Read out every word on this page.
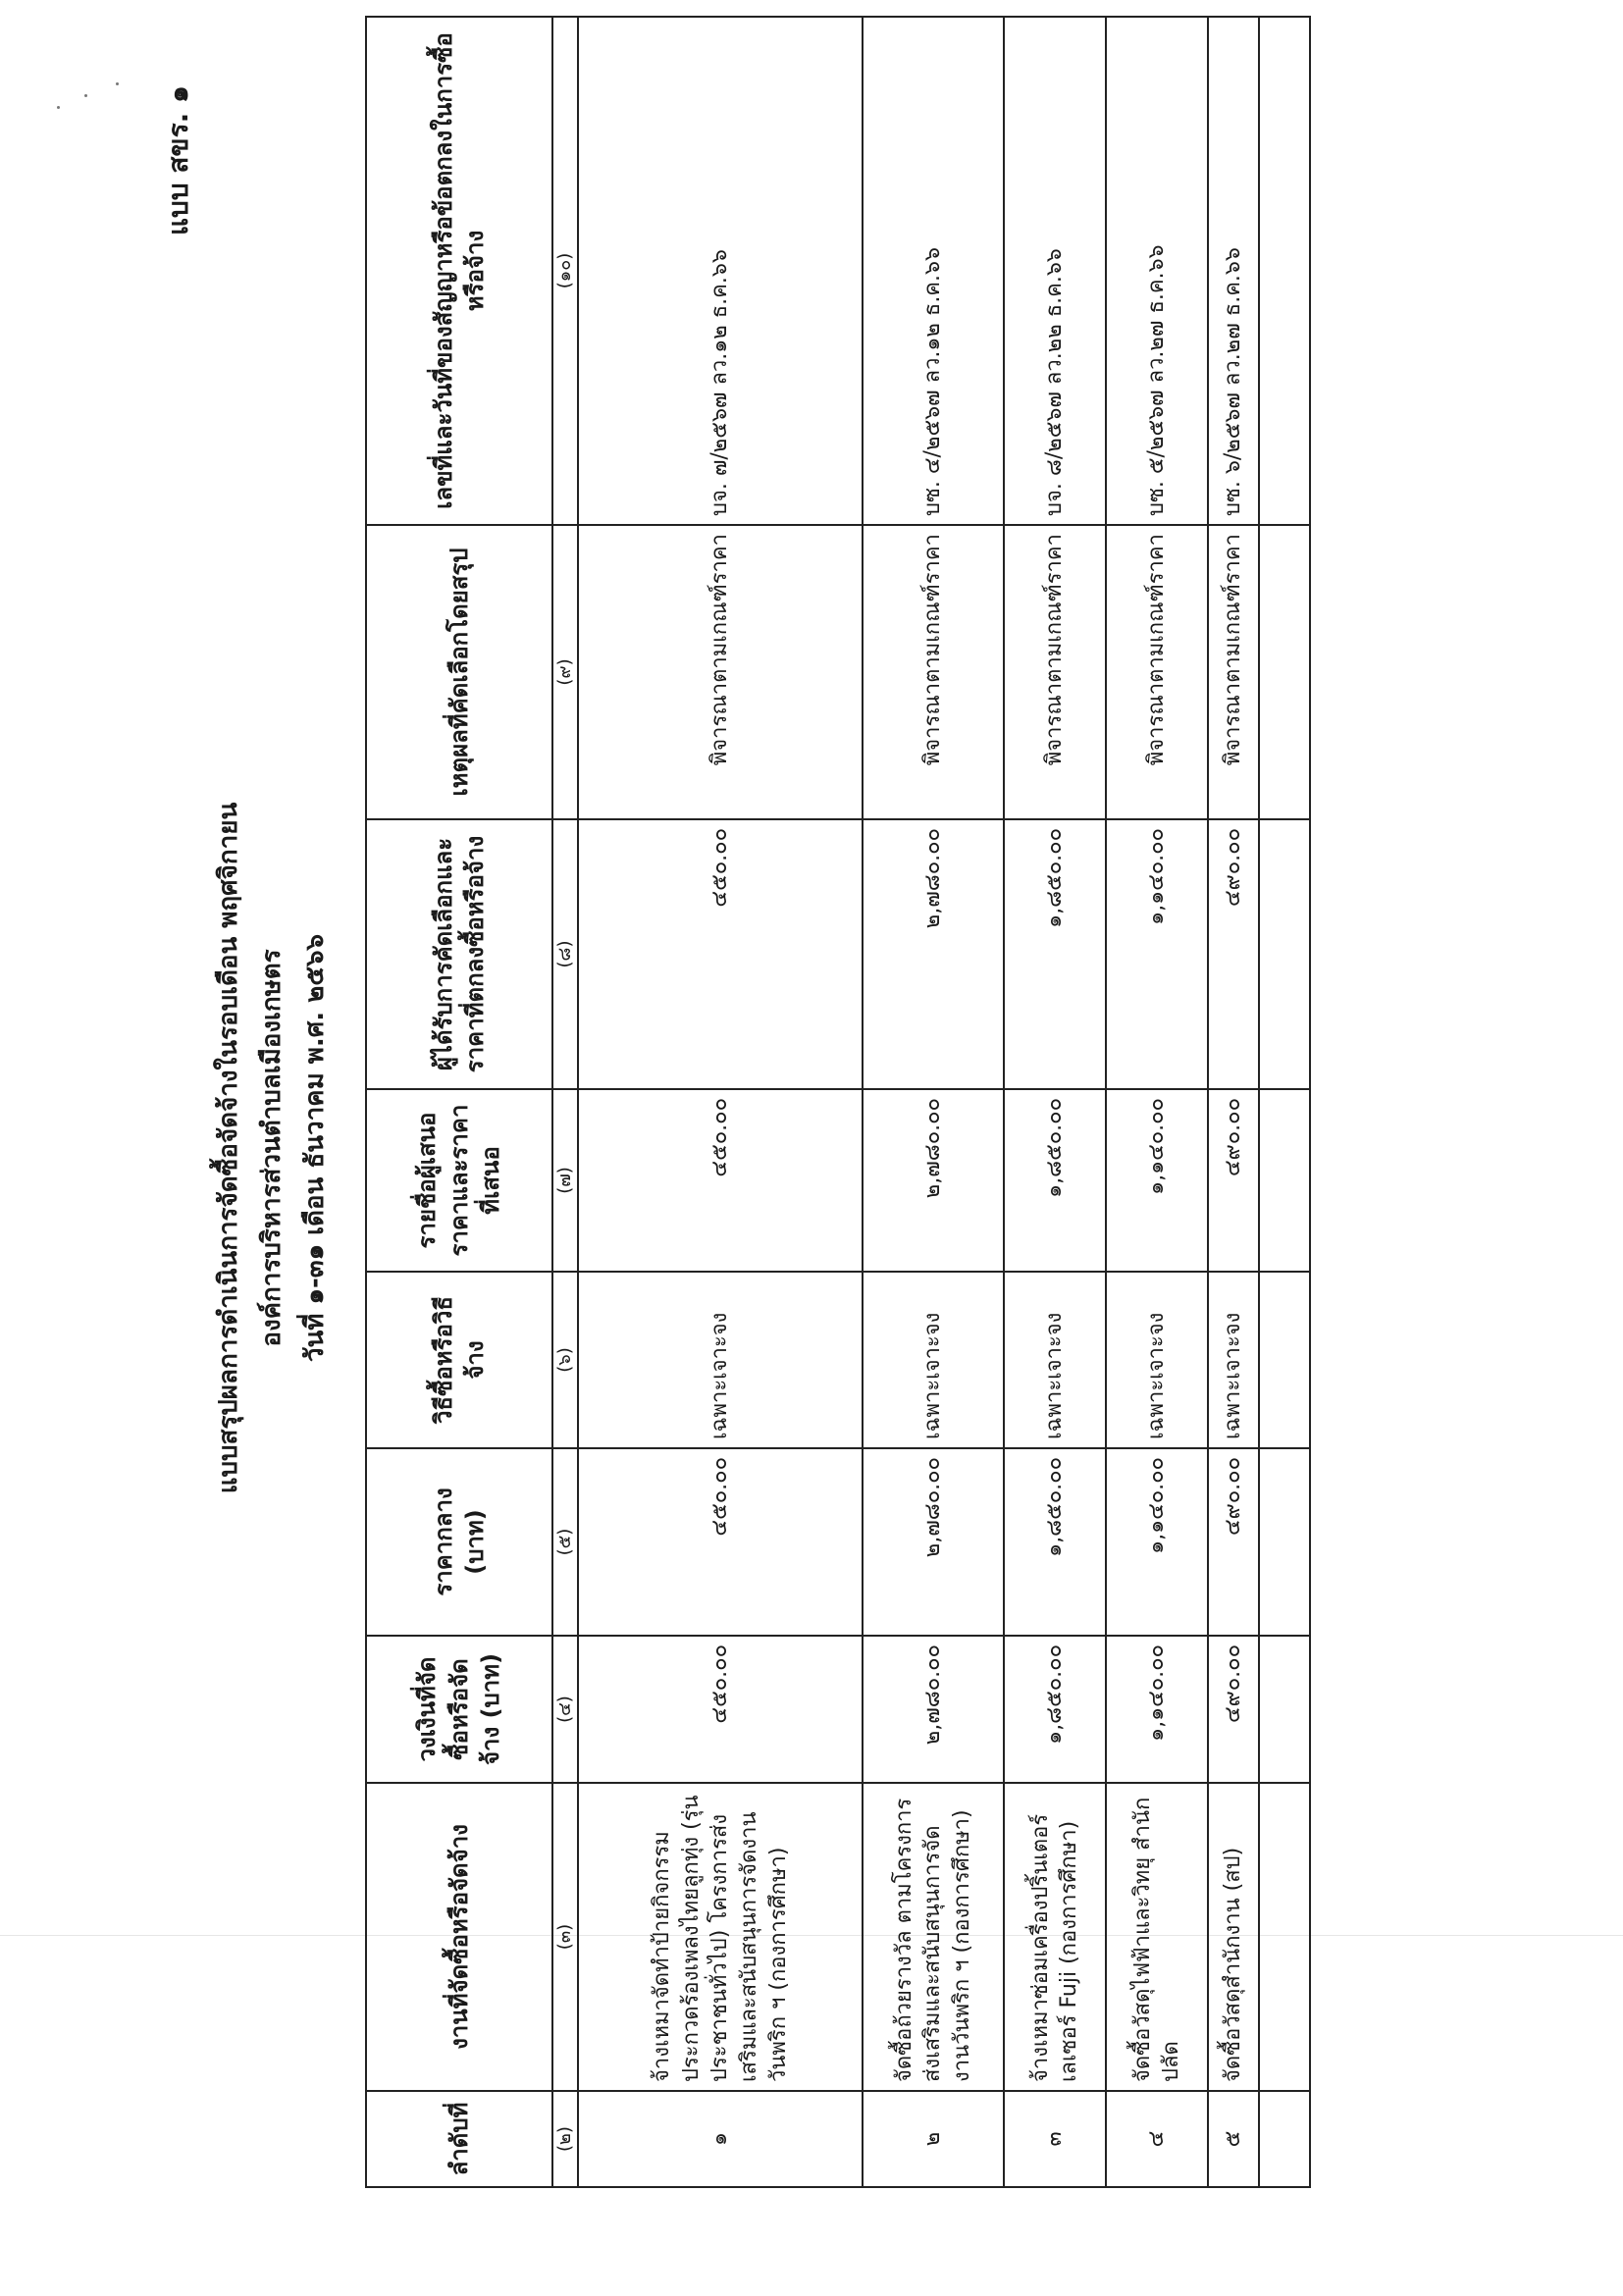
แบบ สขร. ๑
แบบสรุปผลการดำเนินการจัดซื้อจัดจ้างในรอบเดือน พฤศจิกายน องค์การบริหารส่วนตำบลเมืองเกษตร วันที่ ๑-๓๑ เดือน ธันวาคม พ.ศ. ๒๕๖๖
ลำดับที่	งานที่จัดซื้อหรือจัดจ้าง	วงเงินที่จัดซื้อหรือจัดจ้าง (บาท)	ราคากลาง (บาท)	วิธีซื้อหรือวิธีจ้าง	รายชื่อผู้เสนอราคาและราคาที่เสนอ	ผู้ได้รับการคัดเลือกและราคาที่ตกลงซื้อหรือจ้าง	เหตุผลที่คัดเลือกโดยสรุป	เลขที่และวันที่ของสัญญาหรือข้อตกลงในการซื้อหรือจ้าง
(๒)	(๓)	(๔)	(๕)	(๖)	(๗)	(๘)	(๙)	(๑๐)
๑	จ้างเหมาจัดทำป้ายกิจกรรมประกวดร้องเพลงไทยลูกทุ่ง (รุ่นประชาชนทั่วไป) โครงการส่งเสริมและสนับสนุนการจัดงานวันพริก ฯ (กองการศึกษา)	๔๕๐.๐๐	๔๕๐.๐๐	เฉพาะเจาะจง	๔๕๐.๐๐	๔๕๐.๐๐	พิจารณาตามเกณฑ์ราคา	บจ. ๗/๒๕๖๗ ลว.๑๒ ธ.ค.๖๖
๒	จัดซื้อถ้วยรางวัล ตามโครงการส่งเสริมและสนับสนุนการจัดงานวันพริก ฯ (กองการศึกษา)	๒,๗๘๐.๐๐	๒,๗๘๐.๐๐	เฉพาะเจาะจง	๒,๗๘๐.๐๐	๒,๗๘๐.๐๐	พิจารณาตามเกณฑ์ราคา	บซ. ๔/๒๕๖๗ ลว.๑๒ ธ.ค.๖๖
๓	จ้างเหมาซ่อมเครื่องปริ้นเตอร์เลเซอร์ Fuji (กองการศึกษา)	๑,๘๕๐.๐๐	๑,๘๕๐.๐๐	เฉพาะเจาะจง	๑,๘๕๐.๐๐	๑,๘๕๐.๐๐	พิจารณาตามเกณฑ์ราคา	บจ. ๘/๒๕๖๗ ลว.๒๒ ธ.ค.๖๖
๔	จัดซื้อวัสดุไฟฟ้าและวิทยุ สำนักปลัด	๑,๑๔๐.๐๐	๑,๑๔๐.๐๐	เฉพาะเจาะจง	๑,๑๔๐.๐๐	๑,๑๔๐.๐๐	พิจารณาตามเกณฑ์ราคา	บซ. ๕/๒๕๖๗ ลว.๒๗ ธ.ค.๖๖
๕	จัดซื้อวัสดุสำนักงาน (สป)	๔๙๐.๐๐	๔๙๐.๐๐	เฉพาะเจาะจง	๔๙๐.๐๐	๔๙๐.๐๐	พิจารณาตามเกณฑ์ราคา	บซ. ๖/๒๕๖๗ ลว.๒๗ ธ.ค.๖๖
